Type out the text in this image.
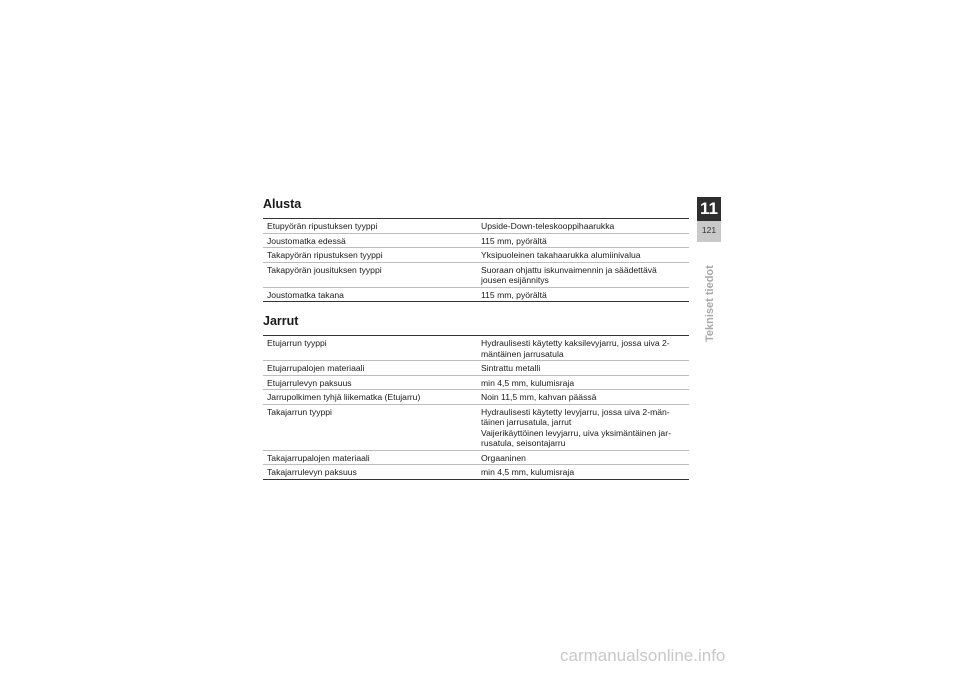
Alusta
Etupyörän ripustuksen tyyppi	Upside-Down-teleskooppihaarukka
Joustomatka edessä	115 mm, pyörältä
Takapyörän ripustuksen tyyppi	Yksipuoleinen takahaarukka alumiinivalua
Takapyörän jousituksen tyyppi	Suoraan ohjattu iskunvaimennin ja säädettävä
jousen esijännitys
Joustomatka takana	115 mm, pyörältä
Jarrut
Etujarrun tyyppi	Hydraulisesti käytetty kaksilevyjarru, jossa uiva 2-
mäntäinen jarrusatula
Etujarrupalojen materiaali	Sintrattu metalli
Etujarrulevyn paksuus	min 4,5 mm, kulumisraja
Jarrupolkimen tyhjä liikematka (Etujarru)	Noin 11,5 mm, kahvan päässä
Takajarrun tyyppi	Hydraulisesti käytetty levyjarru, jossa uiva 2-män-
täinen jarrusatula, jarrut
Vaijerikäyttöinen levyjarru, uiva yksimäntäinen jar-
rusatula, seisontajarru
Takajarrupalojen materiaali	Orgaaninen
Takajarrulevyn paksuus	min 4,5 mm, kulumisraja
11
121
Tekniset tiedot
carmanualsonline.info
